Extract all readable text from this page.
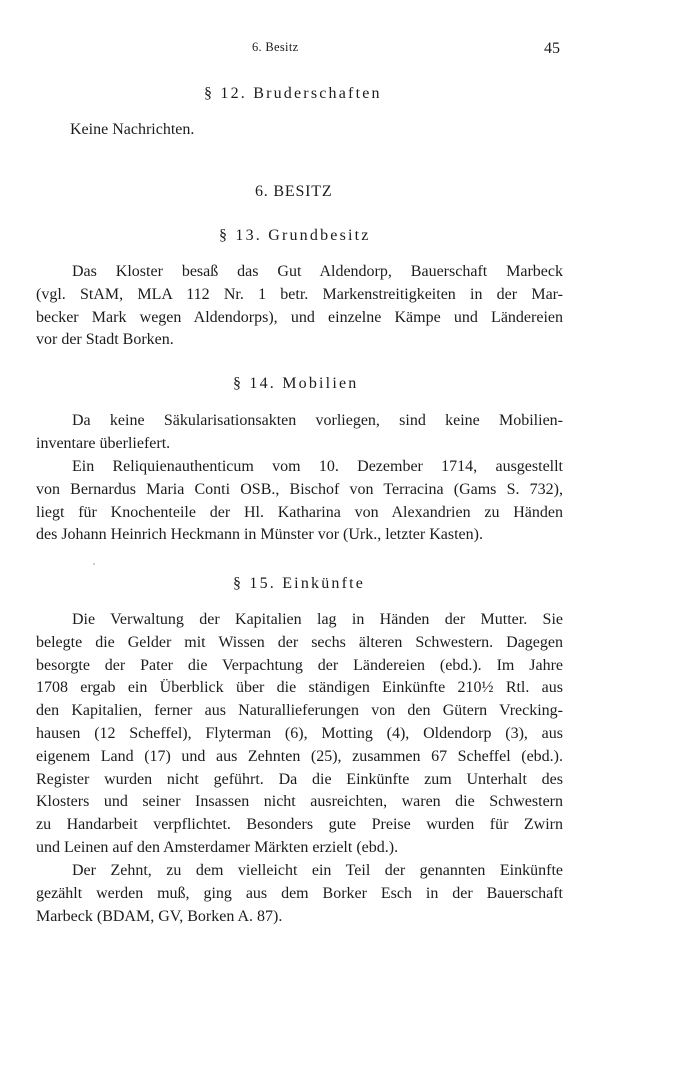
6. Besitz	45
§ 12. Bruderschaften
Keine Nachrichten.
6. BESITZ
§ 13. Grundbesitz
Das Kloster besaß das Gut Aldendorp, Bauerschaft Marbeck
(vgl. StAM, MLA 112 Nr. 1 betr. Markenstreitigkeiten in der Mar-
becker Mark wegen Aldendorps), und einzelne Kämpe und Ländereien
vor der Stadt Borken.
§ 14. Mobilien
Da keine Säkularisationsakten vorliegen, sind keine Mobilien-
inventare überliefert.
Ein Reliquienauthenticum vom 10. Dezember 1714, ausgestellt
von Bernardus Maria Conti OSB., Bischof von Terracina (Gams S. 732),
liegt für Knochenteile der Hl. Katharina von Alexandrien zu Händen
des Johann Heinrich Heckmann in Münster vor (Urk., letzter Kasten).
§ 15. Einkünfte
Die Verwaltung der Kapitalien lag in Händen der Mutter. Sie
belegte die Gelder mit Wissen der sechs älteren Schwestern. Dagegen
besorgte der Pater die Verpachtung der Ländereien (ebd.). Im Jahre
1708 ergab ein Überblick über die ständigen Einkünfte 210½ Rtl. aus
den Kapitalien, ferner aus Naturallieferungen von den Gütern Vrecking-
hausen (12 Scheffel), Flyterman (6), Motting (4), Oldendorp (3), aus
eigenem Land (17) und aus Zehnten (25), zusammen 67 Scheffel (ebd.).
Register wurden nicht geführt. Da die Einkünfte zum Unterhalt des
Klosters und seiner Insassen nicht ausreichten, waren die Schwestern
zu Handarbeit verpflichtet. Besonders gute Preise wurden für Zwirn
und Leinen auf den Amsterdamer Märkten erzielt (ebd.).
Der Zehnt, zu dem vielleicht ein Teil der genannten Einkünfte
gezählt werden muß, ging aus dem Borker Esch in der Bauerschaft
Marbeck (BDAM, GV, Borken A. 87).
